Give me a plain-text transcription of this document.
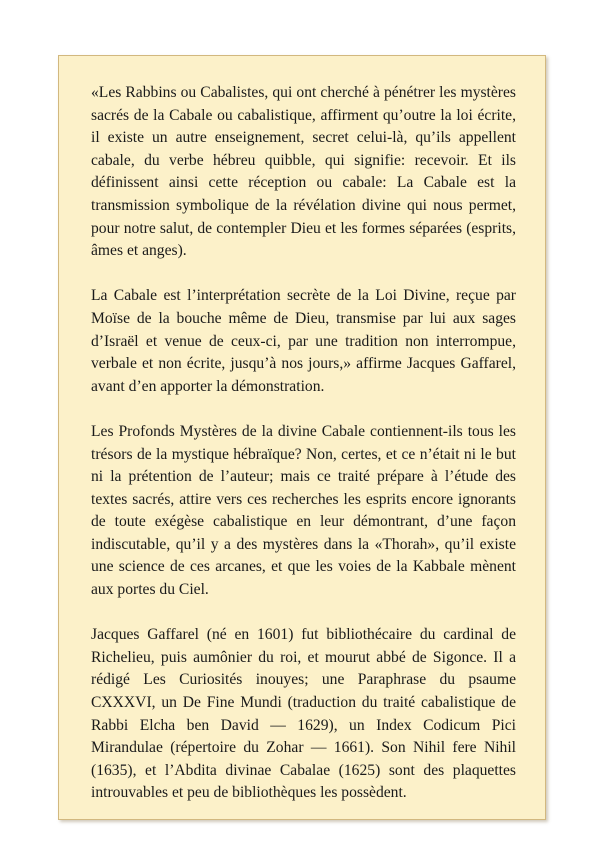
«Les Rabbins ou Cabalistes, qui ont cherché à pénétrer les mystères sacrés de la Cabale ou cabalistique, affirment qu’outre la loi écrite, il existe un autre enseignement, secret celui-là, qu’ils appellent cabale, du verbe hébreu quibble, qui signifie: recevoir. Et ils définissent ainsi cette réception ou cabale: La Cabale est la transmission symbolique de la révélation divine qui nous permet, pour notre salut, de contempler Dieu et les formes séparées (esprits, âmes et anges).

La Cabale est l’interprétation secrète de la Loi Divine, reçue par Moïse de la bouche même de Dieu, transmise par lui aux sages d’Israël et venue de ceux-ci, par une tradition non interrompue, verbale et non écrite, jusqu’à nos jours,» affirme Jacques Gaffarel, avant d’en apporter la démonstration.

Les Profonds Mystères de la divine Cabale contiennent-ils tous les trésors de la mystique hébraïque? Non, certes, et ce n’était ni le but ni la prétention de l’auteur; mais ce traité prépare à l’étude des textes sacrés, attire vers ces recherches les esprits encore ignorants de toute exégèse cabalistique en leur démontrant, d’une façon indiscutable, qu’il y a des mystères dans la «Thorah», qu’il existe une science de ces arcanes, et que les voies de la Kabbale mènent aux portes du Ciel.

Jacques Gaffarel (né en 1601) fut bibliothécaire du cardinal de Richelieu, puis aumônier du roi, et mourut abbé de Sigonce. Il a rédigé Les Curiosités inouyes; une Paraphrase du psaume CXXXVI, un De Fine Mundi (traduction du traité cabalistique de Rabbi Elcha ben David — 1629), un Index Codicum Pici Mirandulae (répertoire du Zohar — 1661). Son Nihil fere Nihil (1635), et l’Abdita divinae Cabalae (1625) sont des plaquettes introuvables et peu de bibliothèques les possèdent.
